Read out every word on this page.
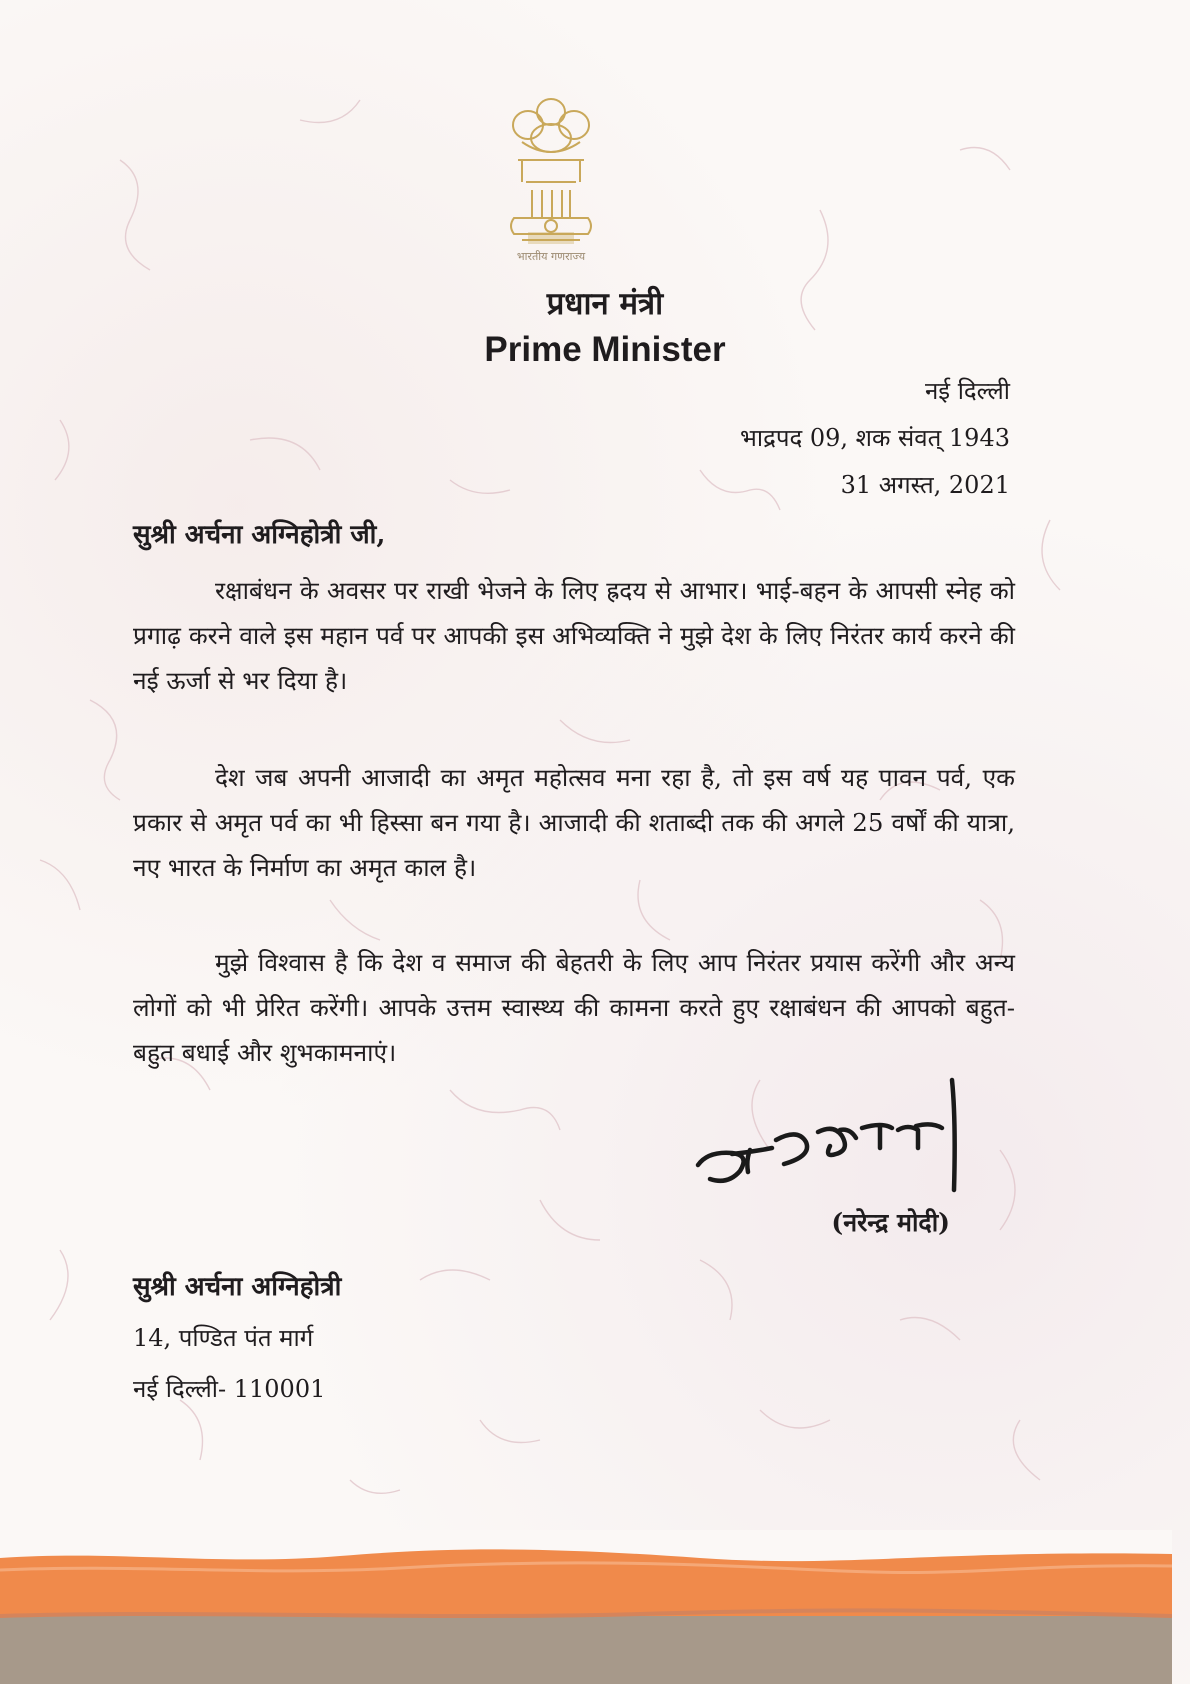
भारतीय गणराज्य
प्रधान मंत्री
Prime Minister
नई दिल्ली
भाद्रपद 09, शक संवत् 1943
31 अगस्त, 2021
सुश्री अर्चना अग्निहोत्री जी,

रक्षाबंधन के अवसर पर राखी भेजने के लिए ह्रदय से आभार। भाई-बहन के आपसी स्नेह को प्रगाढ़ करने वाले इस महान पर्व पर आपकी इस अभिव्यक्ति ने मुझे देश के लिए निरंतर कार्य करने की नई ऊर्जा से भर दिया है।

देश जब अपनी आजादी का अमृत महोत्सव मना रहा है, तो इस वर्ष यह पावन पर्व, एक प्रकार से अमृत पर्व का भी हिस्सा बन गया है। आजादी की शताब्दी तक की अगले 25 वर्षों की यात्रा, नए भारत के निर्माण का अमृत काल है।

मुझे विश्वास है कि देश व समाज की बेहतरी के लिए आप निरंतर प्रयास करेंगी और अन्य लोगों को भी प्रेरित करेंगी। आपके उत्तम स्वास्थ्य की कामना करते हुए रक्षाबंधन की आपको बहुत-बहुत बधाई और शुभकामनाएं।

(नरेन्द्र मोदी)
सुश्री अर्चना अग्निहोत्री
14, पण्डित पंत मार्ग
नई दिल्ली- 110001
